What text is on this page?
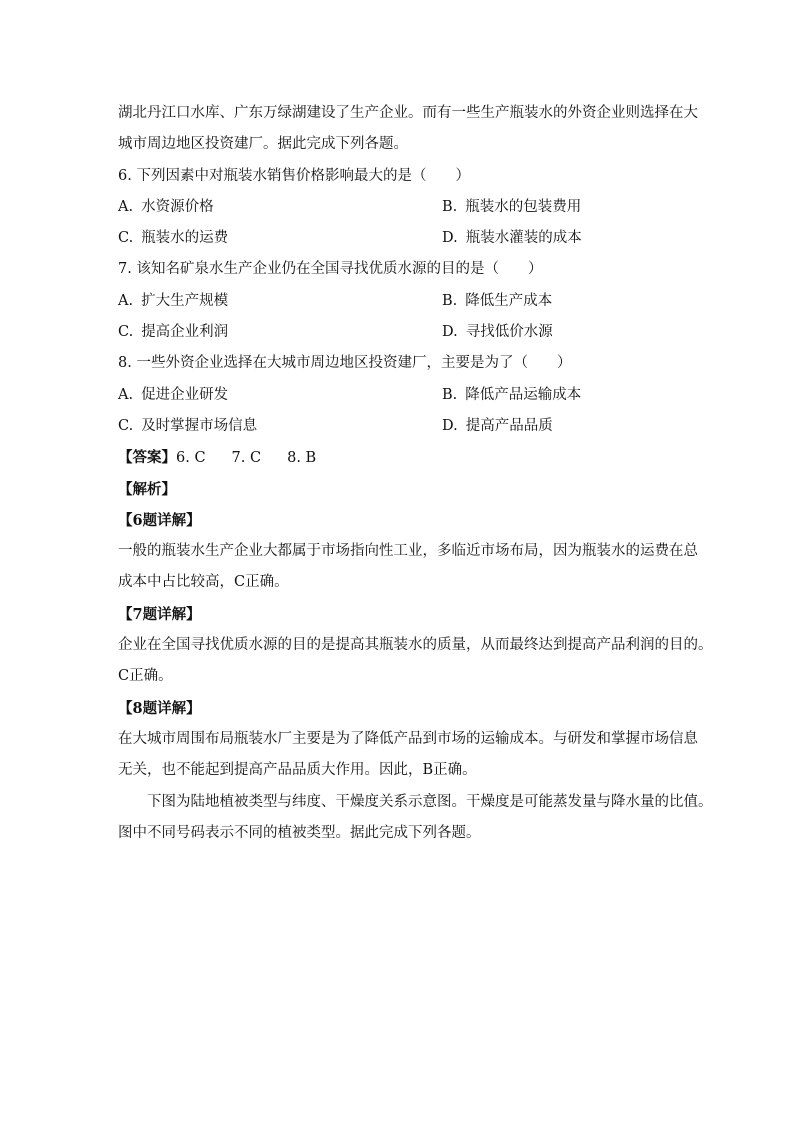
湖北丹江口水库、广东万绿湖建设了生产企业。而有一些生产瓶装水的外资企业则选择在大
城市周边地区投资建厂。据此完成下列各题。
6. 下列因素中对瓶装水销售价格影响最大的是（　　）
A. 水资源价格	B. 瓶装水的包装费用
C. 瓶装水的运费	D. 瓶装水灌装的成本
7. 该知名矿泉水生产企业仍在全国寻找优质水源的目的是（　　）
A. 扩大生产规模	B. 降低生产成本
C. 提高企业利润	D. 寻找低价水源
8. 一些外资企业选择在大城市周边地区投资建厂，主要是为了（　　）
A. 促进企业研发	B. 降低产品运输成本
C. 及时掌握市场信息	D. 提高产品品质
【答案】6. C 7. C 8. B
【解析】
【6题详解】
一般的瓶装水生产企业大都属于市场指向性工业，多临近市场布局，因为瓶装水的运费在总
成本中占比较高，C正确。
【7题详解】
企业在全国寻找优质水源的目的是提高其瓶装水的质量，从而最终达到提高产品利润的目的。
C正确。
【8题详解】
在大城市周围布局瓶装水厂主要是为了降低产品到市场的运输成本。与研发和掌握市场信息
无关，也不能起到提高产品品质大作用。因此，B正确。
下图为陆地植被类型与纬度、干燥度关系示意图。干燥度是可能蒸发量与降水量的比值。
图中不同号码表示不同的植被类型。据此完成下列各题。
